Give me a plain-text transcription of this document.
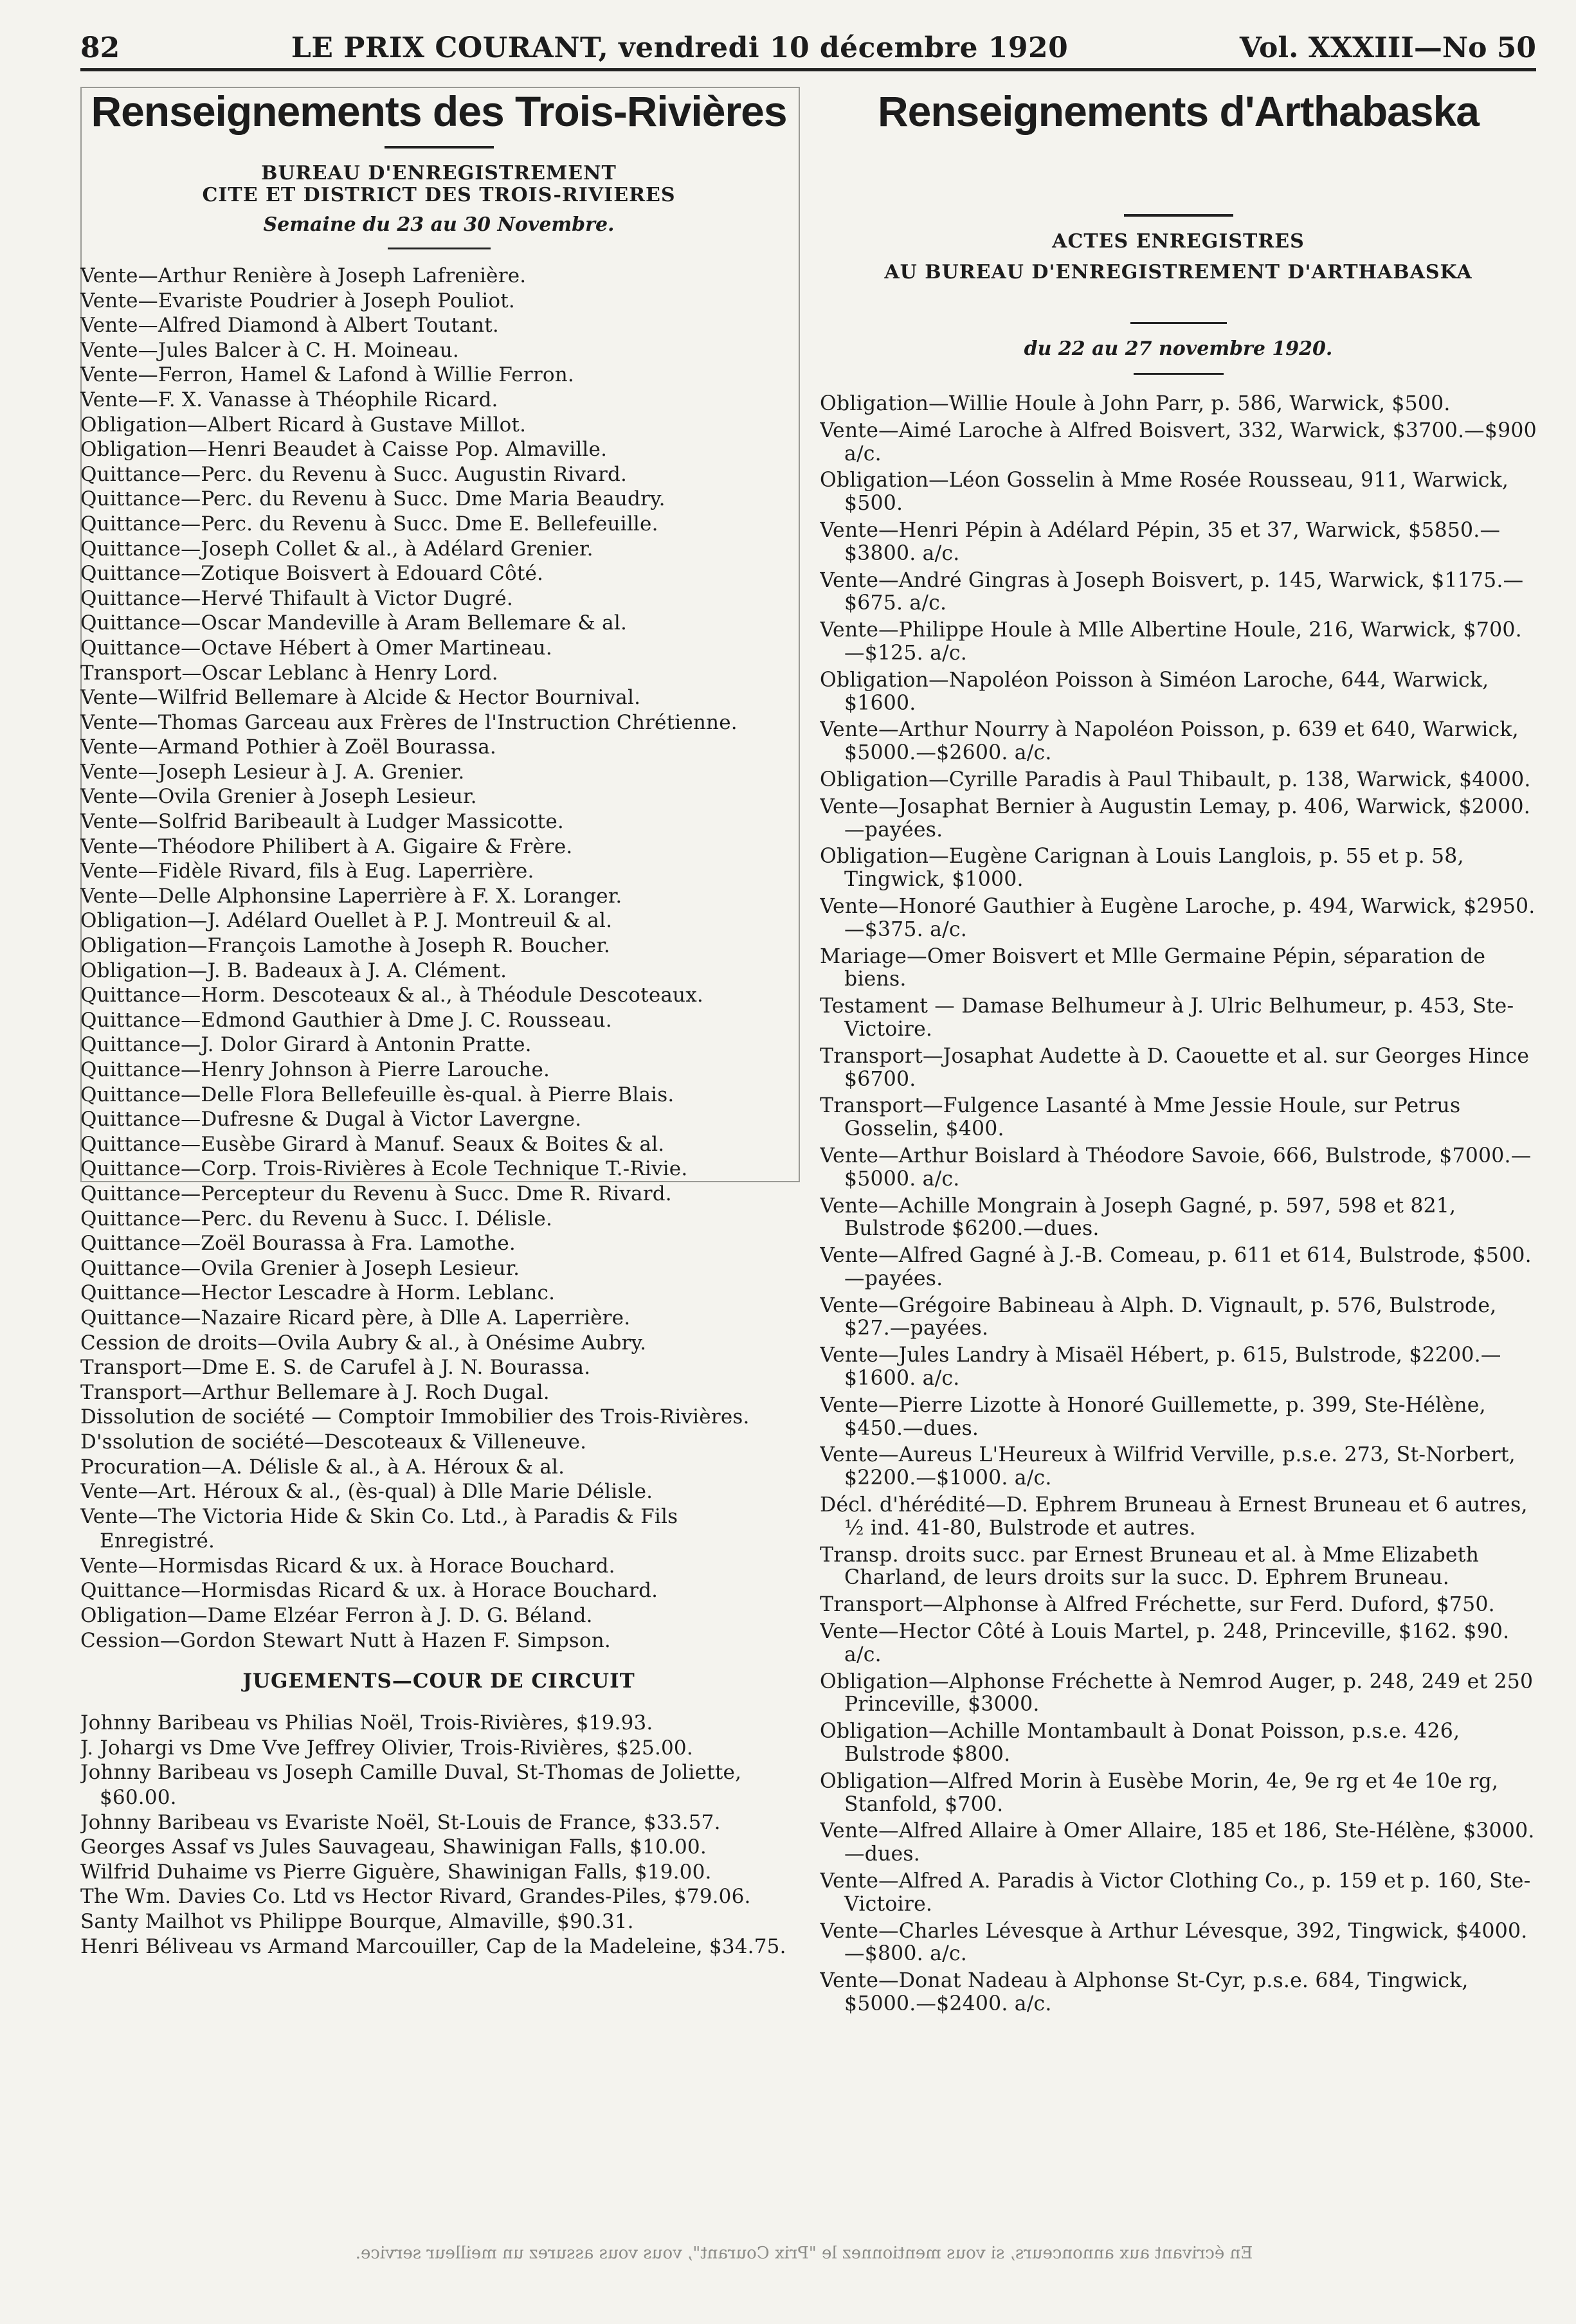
82	LE PRIX COURANT, vendredi 10 décembre 1920	Vol. XXXIII—No 50
Renseignements des Trois-Rivières
BUREAU D'ENREGISTREMENT
CITE ET DISTRICT DES TROIS-RIVIERES
Semaine du 23 au 30 Novembre.
Vente—Arthur Renière à Joseph Lafrenière.
Vente—Evariste Poudrier à Joseph Pouliot.
Vente—Alfred Diamond à Albert Toutant.
Vente—Jules Balcer à C. H. Moineau.
Vente—Ferron, Hamel & Lafond à Willie Ferron.
Vente—F. X. Vanasse à Théophile Ricard.
Obligation—Albert Ricard à Gustave Millot.
Obligation—Henri Beaudet à Caisse Pop. Almaville.
Quittance—Perc. du Revenu à Succ. Augustin Rivard.
Quittance—Perc. du Revenu à Succ. Dme Maria Beaudry.
Quittance—Perc. du Revenu à Succ. Dme E. Bellefeuille.
Quittance—Joseph Collet & al., à Adélard Grenier.
Quittance—Zotique Boisvert à Edouard Côté.
Quittance—Hervé Thifault à Victor Dugré.
Quittance—Oscar Mandeville à Aram Bellemare & al.
Quittance—Octave Hébert à Omer Martineau.
Transport—Oscar Leblanc à Henry Lord.
Vente—Wilfrid Bellemare à Alcide & Hector Bournival.
Vente—Thomas Garceau aux Frères de l'Instruction Chrétienne.
Vente—Armand Pothier à Zoël Bourassa.
Vente—Joseph Lesieur à J. A. Grenier.
Vente—Ovila Grenier à Joseph Lesieur.
Vente—Solfrid Baribeault à Ludger Massicotte.
Vente—Théodore Philibert à A. Gigaire & Frère.
Vente—Fidèle Rivard, fils à Eug. Laperrière.
Vente—Delle Alphonsine Laperrière à F. X. Loranger.
Obligation—J. Adélard Ouellet à P. J. Montreuil & al.
Obligation—François Lamothe à Joseph R. Boucher.
Obligation—J. B. Badeaux à J. A. Clément.
Quittance—Horm. Descoteaux & al., à Théodule Descoteaux.
Quittance—Edmond Gauthier à Dme J. C. Rousseau.
Quittance—J. Dolor Girard à Antonin Pratte.
Quittance—Henry Johnson à Pierre Larouche.
Quittance—Delle Flora Bellefeuille ès-qual. à Pierre Blais.
Quittance—Dufresne & Dugal à Victor Lavergne.
Quittance—Eusèbe Girard à Manuf. Seaux & Boites & al.
Quittance—Corp. Trois-Rivières à Ecole Technique T.-Rivie.
Quittance—Percepteur du Revenu à Succ. Dme R. Rivard.
Quittance—Perc. du Revenu à Succ. I. Délisle.
Quittance—Zoël Bourassa à Fra. Lamothe.
Quittance—Ovila Grenier à Joseph Lesieur.
Quittance—Hector Lescadre à Horm. Leblanc.
Quittance—Nazaire Ricard père, à Dlle A. Laperrière.
Cession de droits—Ovila Aubry & al., à Onésime Aubry.
Transport—Dme E. S. de Carufel à J. N. Bourassa.
Transport—Arthur Bellemare à J. Roch Dugal.
Dissolution de société — Comptoir Immobilier des Trois-Rivières.
D'ssolution de société—Descoteaux & Villeneuve.
Procuration—A. Délisle & al., à A. Héroux & al.
Vente—Art. Héroux & al., (ès-qual) à Dlle Marie Délisle.
Vente—The Victoria Hide & Skin Co. Ltd., à Paradis & Fils Enregistré.
Vente—Hormisdas Ricard & ux. à Horace Bouchard.
Quittance—Hormisdas Ricard & ux. à Horace Bouchard.
Obligation—Dame Elzéar Ferron à J. D. G. Béland.
Cession—Gordon Stewart Nutt à Hazen F. Simpson.
JUGEMENTS—COUR DE CIRCUIT
Johnny Baribeau vs Philias Noël, Trois-Rivières, $19.93.
J. Johargi vs Dme Vve Jeffrey Olivier, Trois-Rivières, $25.00.
Johnny Baribeau vs Joseph Camille Duval, St-Thomas de Joliette, $60.00.
Johnny Baribeau vs Evariste Noël, St-Louis de France, $33.57.
Georges Assaf vs Jules Sauvageau, Shawinigan Falls, $10.00.
Wilfrid Duhaime vs Pierre Giguère, Shawinigan Falls, $19.00.
The Wm. Davies Co. Ltd vs Hector Rivard, Grandes-Piles, $79.06.
Santy Mailhot vs Philippe Bourque, Almaville, $90.31.
Henri Béliveau vs Armand Marcouiller, Cap de la Madeleine, $34.75.
Renseignements d'Arthabaska
ACTES ENREGISTRES
AU BUREAU D'ENREGISTREMENT D'ARTHABASKA
du 22 au 27 novembre 1920.
Obligation—Willie Houle à John Parr, p. 586, Warwick, $500.
Vente—Aimé Laroche à Alfred Boisvert, 332, Warwick, $3700.—$900 a/c.
Obligation—Léon Gosselin à Mme Rosée Rousseau, 911, Warwick, $500.
Vente—Henri Pépin à Adélard Pépin, 35 et 37, Warwick, $5850.—$3800. a/c.
Vente—André Gingras à Joseph Boisvert, p. 145, Warwick, $1175.—$675. a/c.
Vente—Philippe Houle à Mlle Albertine Houle, 216, Warwick, $700.—$125. a/c.
Obligation—Napoléon Poisson à Siméon Laroche, 644, Warwick, $1600.
Vente—Arthur Nourry à Napoléon Poisson, p. 639 et 640, Warwick, $5000.—$2600. a/c.
Obligation—Cyrille Paradis à Paul Thibault, p. 138, Warwick, $4000.
Vente—Josaphat Bernier à Augustin Lemay, p. 406, Warwick, $2000.—payées.
Obligation—Eugène Carignan à Louis Langlois, p. 55 et p. 58, Tingwick, $1000.
Vente—Honoré Gauthier à Eugène Laroche, p. 494, Warwick, $2950.—$375. a/c.
Mariage—Omer Boisvert et Mlle Germaine Pépin, séparation de biens.
Testament — Damase Belhumeur à J. Ulric Belhumeur, p. 453, Ste-Victoire.
Transport—Josaphat Audette à D. Caouette et al. sur Georges Hince $6700.
Transport—Fulgence Lasanté à Mme Jessie Houle, sur Petrus Gosselin, $400.
Vente—Arthur Boislard à Théodore Savoie, 666, Bulstrode, $7000.—$5000. a/c.
Vente—Achille Mongrain à Joseph Gagné, p. 597, 598 et 821, Bulstrode $6200.—dues.
Vente—Alfred Gagné à J.-B. Comeau, p. 611 et 614, Bulstrode, $500.—payées.
Vente—Grégoire Babineau à Alph. D. Vignault, p. 576, Bulstrode, $27.—payées.
Vente—Jules Landry à Misaël Hébert, p. 615, Bulstrode, $2200.—$1600. a/c.
Vente—Pierre Lizotte à Honoré Guillemette, p. 399, Ste-Hélène, $450.—dues.
Vente—Aureus L'Heureux à Wilfrid Verville, p.s.e. 273, St-Norbert, $2200.—$1000. a/c.
Décl. d'hérédité—D. Ephrem Bruneau à Ernest Bruneau et 6 autres, ½ ind. 41-80, Bulstrode et autres.
Transp. droits succ. par Ernest Bruneau et al. à Mme Elizabeth Charland, de leurs droits sur la succ. D. Ephrem Bruneau.
Transport—Alphonse à Alfred Fréchette, sur Ferd. Duford, $750.
Vente—Hector Côté à Louis Martel, p. 248, Princeville, $162. $90. a/c.
Obligation—Alphonse Fréchette à Nemrod Auger, p. 248, 249 et 250 Princeville, $3000.
Obligation—Achille Montambault à Donat Poisson, p.s.e. 426, Bulstrode $800.
Obligation—Alfred Morin à Eusèbe Morin, 4e, 9e rg et 4e 10e rg, Stanfold, $700.
Vente—Alfred Allaire à Omer Allaire, 185 et 186, Ste-Hélène, $3000.—dues.
Vente—Alfred A. Paradis à Victor Clothing Co., p. 159 et p. 160, Ste-Victoire.
Vente—Charles Lévesque à Arthur Lévesque, 392, Tingwick, $4000.—$800. a/c.
Vente—Donat Nadeau à Alphonse St-Cyr, p.s.e. 684, Tingwick, $5000.—$2400. a/c.
En écrivant aux annonceurs, si vous mentionnez le "Prix Courant", vous vous assurez un meilleur service.
